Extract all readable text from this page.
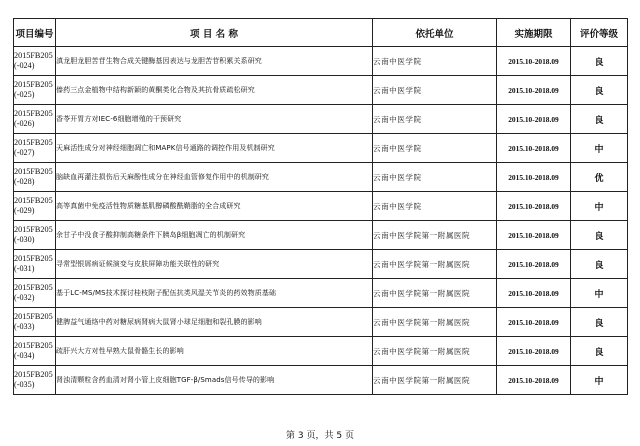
项目编号	项 目 名 称	依托单位	实施期限	评价等级

2015FB205
(-024)	滇龙胆龙胆苦苷生物合成关键酶基因表达与龙胆苦苷积累关系研究	云南中医学院	2015.10-2018.09	良

2015FB205
(-025)	傣药三点金植物中结构新颖的黄酮类化合物及其抗骨质疏松研究	云南中医学院	2015.10-2018.09	良

2015FB205
(-026)	香苓开胃方对IEC-6细胞增殖的干预研究	云南中医学院	2015.10-2018.09	良

2015FB205
(-027)	天麻活性成分对神经细胞凋亡和MAPK信号通路的调控作用及机制研究	云南中医学院	2015.10-2018.09	中

2015FB205
(-028)	脑缺血再灌注损伤后天麻酚性成分在神经血管修复作用中的机制研究	云南中医学院	2015.10-2018.09	优

2015FB205
(-029)	高等真菌中免疫活性物质糖基肌醇磷酸酰鞘脂的全合成研究	云南中医学院	2015.10-2018.09	中

2015FB205
(-030)	余甘子中没食子酸抑制高糖条件下胰岛β细胞凋亡的机制研究	云南中医学院第一附属医院	2015.10-2018.09	良

2015FB205
(-031)	寻常型银屑病证候演变与皮肤屏障功能关联性的研究	云南中医学院第一附属医院	2015.10-2018.09	良

2015FB205
(-032)	基于LC-MS/MS技术探讨桂枝附子配伍抗类风湿关节炎的药效物质基础	云南中医学院第一附属医院	2015.10-2018.09	中

2015FB205
(-033)	健脾益气通络中药对糖尿病肾病大鼠肾小球足细胞和裂孔膜的影响	云南中医学院第一附属医院	2015.10-2018.09	良

2015FB205
(-034)	疏肝兴大方对性早熟大鼠骨骼生长的影响	云南中医学院第一附属医院	2015.10-2018.09	良

2015FB205
(-035)	肾浊清颗粒含药血清对肾小管上皮细胞TGF-β/Smads信号传导的影响	云南中医学院第一附属医院	2015.10-2018.09	中
第 3 页，共 5 页
